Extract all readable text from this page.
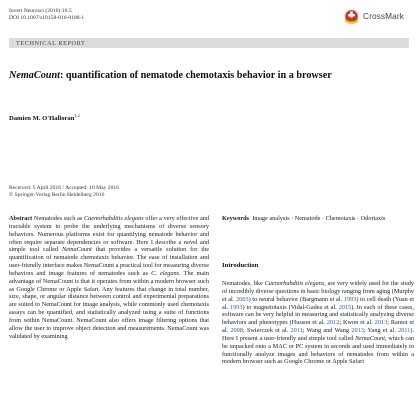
Invert Neurosci (2016):16:5
DOI 10.1007/s10158-016-0188-1	CrossMark
TECHNICAL REPORT
NemaCount: quantification of nematode chemotaxis behavior in a browser
Damien M. O'Halloran$^{1,2}$
Received: 5 April 2016 / Accepted: 10 May 2016
© Springer-Verlag Berlin Heidelberg 2016

Abstract Nematodes such as Caenorhabditis elegans offer a very effective and tractable system to probe the underlying mechanisms of diverse sensory behaviors. Numerous platforms exist for quantifying nematode behavior and often require separate dependencies or software. Here I describe a novel and simple tool called NemaCount that provides a versatile solution for the quantification of nematode chemotaxis behavior. The ease of installation and user-friendly interface makes NemaCount a practical tool for measuring diverse behaviors and image features of nematodes such as C. elegans. The main advantage of NemaCount is that it operates from within a modern browser such as Google Chrome or Apple Safari. Any features that change in total number, size, shape, or angular distance between control and experimental preparations are suited to NemaCount for image analysis, while commonly used chemotaxis assays can be quantified, and statistically analyzed using a suite of functions from within NemaCount. NemaCount also offers image filtering options that allow the user to improve object detection and measurements. NemaCount was validated by examining

Keywords Image analysis · Nematode · Chemotaxis · Odortaxis
Introduction

Nematodes, like Caenorhabditis elegans, are very widely used for the study of incredibly diverse questions in basic biology ranging from aging (Murphy et al. 2003) to neural behavior (Bargmann et al. 1993) to cell death (Yuan et al. 1993) to magnetotaxis (Vidal-Gadea et al. 2015). In each of these cases, software can be very helpful in measuring and statistically analyzing diverse behaviors and phenotypes (Husson et al. 2012; Kwon et al. 2013; Ramot et al. 2008; Swierczek et al. 2011; Wang and Wang 2013; Yang et al. 2011). Here I present a user-friendly and simple tool called NemaCount, which can be unpacked onto a MAC or PC system in seconds and used immediately to functionally analyze images and behaviors of nematodes from within a modern browser such as Google Chrome or Apple Safari
